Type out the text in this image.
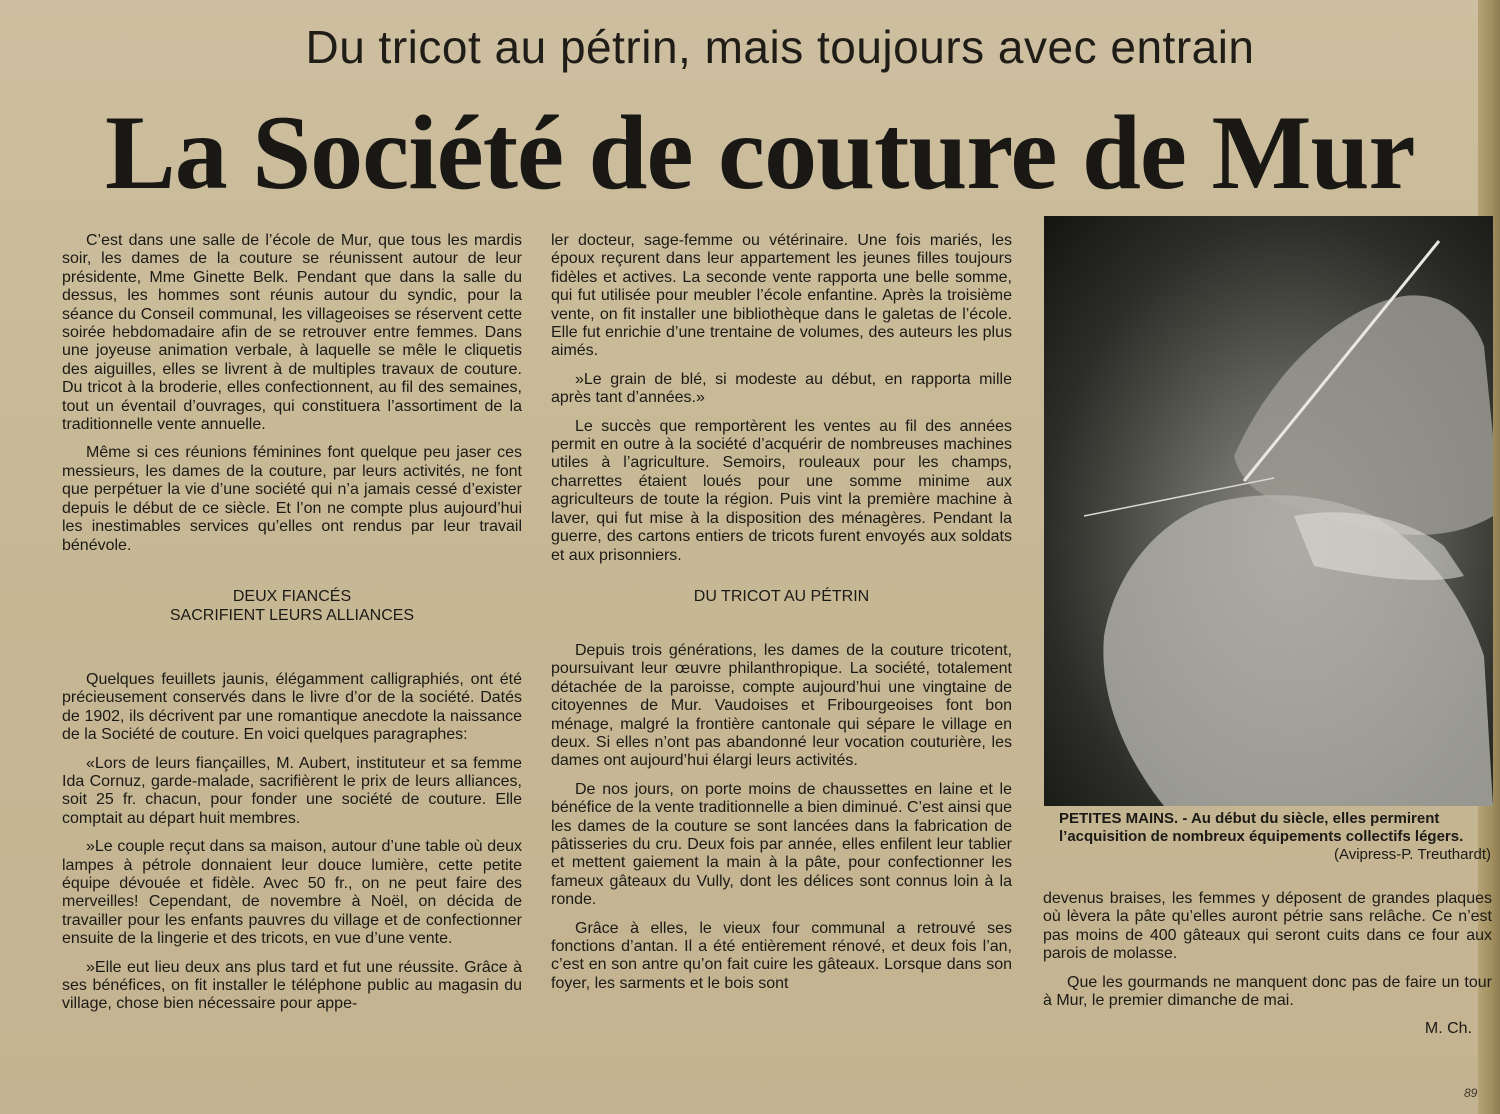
Du tricot au pétrin, mais toujours avec entrain
La Société de couture de Mur

C’est dans une salle de l’école de Mur, que tous les mardis soir, les dames de la couture se réunissent autour de leur présidente, Mme Ginette Belk. Pendant que dans la salle du dessus, les hommes sont réunis autour du syndic, pour la séance du Conseil communal, les villageoises se réservent cette soirée hebdomadaire afin de se retrouver entre femmes. Dans une joyeuse animation verbale, à laquelle se mêle le cliquetis des aiguilles, elles se livrent à de multiples travaux de couture. Du tricot à la broderie, elles confectionnent, au fil des semaines, tout un éventail d’ouvrages, qui constituera l’assortiment de la traditionnelle vente annuelle.

Même si ces réunions féminines font quelque peu jaser ces messieurs, les dames de la couture, par leurs activités, ne font que perpétuer la vie d’une société qui n’a jamais cessé d’exister depuis le début de ce siècle. Et l’on ne compte plus aujourd’hui les inestimables services qu’elles ont rendus par leur travail bénévole.

DEUX FIANCÉS
SACRIFIENT LEURS ALLIANCES

Quelques feuillets jaunis, élégamment calligraphiés, ont été précieusement conservés dans le livre d’or de la société. Datés de 1902, ils décrivent par une romantique anecdote la naissance de la Société de couture. En voici quelques paragraphes:

«Lors de leurs fiançailles, M. Aubert, instituteur et sa femme Ida Cornuz, garde-malade, sacrifièrent le prix de leurs alliances, soit 25 fr. chacun, pour fonder une société de couture. Elle comptait au départ huit membres.

»Le couple reçut dans sa maison, autour d’une table où deux lampes à pétrole donnaient leur douce lumière, cette petite équipe dévouée et fidèle. Avec 50 fr., on ne peut faire des merveilles! Cependant, de novembre à Noël, on décida de travailler pour les enfants pauvres du village et de confectionner ensuite de la lingerie et des tricots, en vue d’une vente.

»Elle eut lieu deux ans plus tard et fut une réussite. Grâce à ses bénéfices, on fit installer le téléphone public au magasin du village, chose bien nécessaire pour appe-

ler docteur, sage-femme ou vétérinaire. Une fois mariés, les époux reçurent dans leur appartement les jeunes filles toujours fidèles et actives. La seconde vente rapporta une belle somme, qui fut utilisée pour meubler l’école enfantine. Après la troisième vente, on fit installer une bibliothèque dans le galetas de l’école. Elle fut enrichie d’une trentaine de volumes, des auteurs les plus aimés.

»Le grain de blé, si modeste au début, en rapporta mille après tant d’années.»

Le succès que remportèrent les ventes au fil des années permit en outre à la société d’acquérir de nombreuses machines utiles à l’agriculture. Semoirs, rouleaux pour les champs, charrettes étaient loués pour une somme minime aux agriculteurs de toute la région. Puis vint la première machine à laver, qui fut mise à la disposition des ménagères. Pendant la guerre, des cartons entiers de tricots furent envoyés aux soldats et aux prisonniers.

DU TRICOT AU PÉTRIN

Depuis trois générations, les dames de la couture tricotent, poursuivant leur œuvre philanthropique. La société, totalement détachée de la paroisse, compte aujourd’hui une vingtaine de citoyennes de Mur. Vaudoises et Fribourgeoises font bon ménage, malgré la frontière cantonale qui sépare le village en deux. Si elles n’ont pas abandonné leur vocation couturière, les dames ont aujourd’hui élargi leurs activités.

De nos jours, on porte moins de chaussettes en laine et le bénéfice de la vente traditionnelle a bien diminué. C’est ainsi que les dames de la couture se sont lancées dans la fabrication de pâtisseries du cru. Deux fois par année, elles enfilent leur tablier et mettent gaiement la main à la pâte, pour confectionner les fameux gâteaux du Vully, dont les délices sont connus loin à la ronde.

Grâce à elles, le vieux four communal a retrouvé ses fonctions d’antan. Il a été entièrement rénové, et deux fois l’an, c’est en son antre qu’on fait cuire les gâteaux. Lorsque dans son foyer, les sarments et le bois sont

PETITES MAINS. - Au début du siècle, elles permirent l’acquisition de nombreux équipements collectifs légers.
(Avipress-P. Treuthardt)

devenus braises, les femmes y déposent de grandes plaques où lèvera la pâte qu’elles auront pétrie sans relâche. Ce n’est pas moins de 400 gâteaux qui seront cuits dans ce four aux parois de molasse.

Que les gourmands ne manquent donc pas de faire un tour à Mur, le premier dimanche de mai.

M. Ch.
89
